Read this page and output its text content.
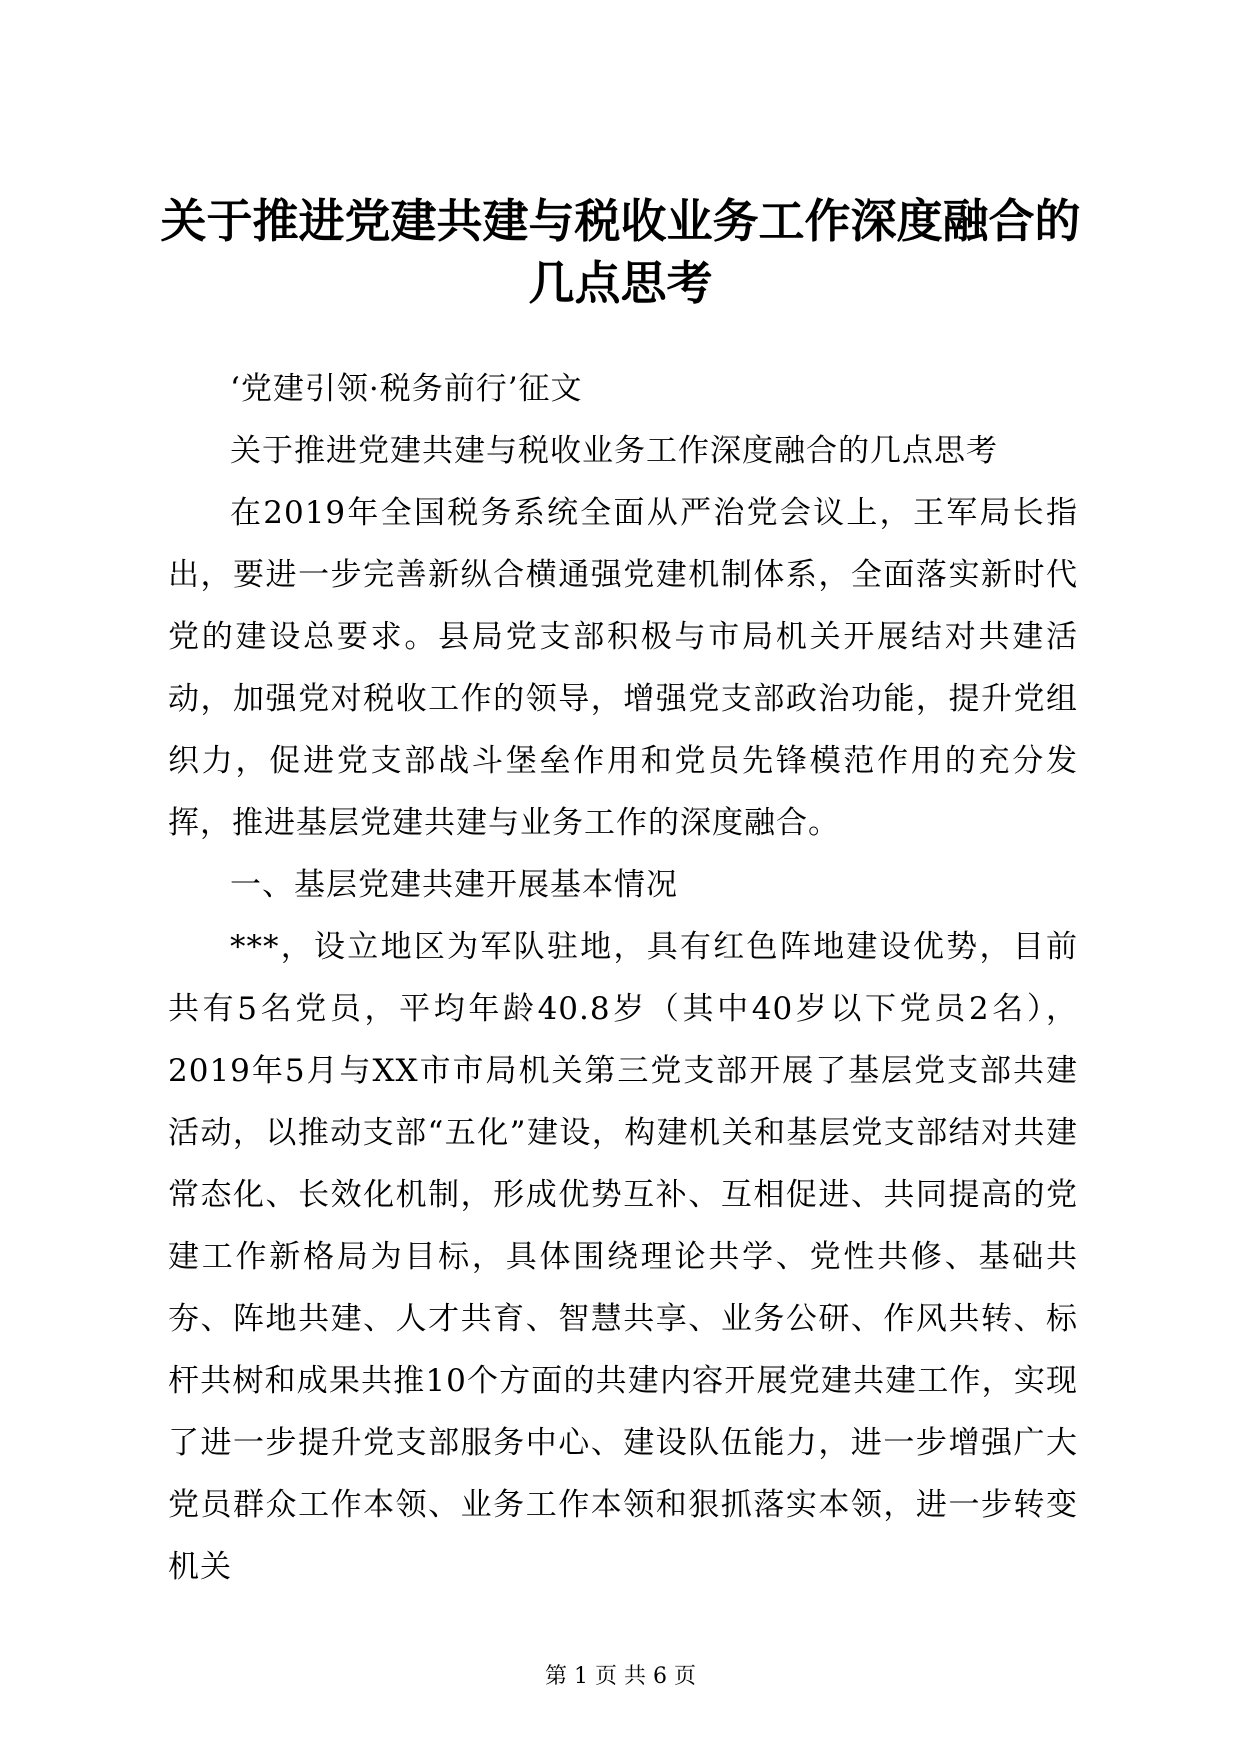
关于推进党建共建与税收业务工作深度融合的
几点思考

‘党建引领·税务前行’征文

关于推进党建共建与税收业务工作深度融合的几点思考

在2019年全国税务系统全面从严治党会议上，王军局长指出，要进一步完善新纵合横通强党建机制体系，全面落实新时代党的建设总要求。县局党支部积极与市局机关开展结对共建活动，加强党对税收工作的领导，增强党支部政治功能，提升党组织力，促进党支部战斗堡垒作用和党员先锋模范作用的充分发挥，推进基层党建共建与业务工作的深度融合。

一、基层党建共建开展基本情况

***，设立地区为军队驻地，具有红色阵地建设优势，目前共有5名党员，平均年龄40.8岁（其中40岁以下党员2名），2019年5月与XX市市局机关第三党支部开展了基层党支部共建活动，以推动支部“五化”建设，构建机关和基层党支部结对共建常态化、长效化机制，形成优势互补、互相促进、共同提高的党建工作新格局为目标，具体围绕理论共学、党性共修、基础共夯、阵地共建、人才共育、智慧共享、业务公研、作风共转、标杆共树和成果共推10个方面的共建内容开展党建共建工作，实现了进一步提升党支部服务中心、建设队伍能力，进一步增强广大党员群众工作本领、业务工作本领和狠抓落实本领，进一步转变机关

第 1 页 共 6 页
